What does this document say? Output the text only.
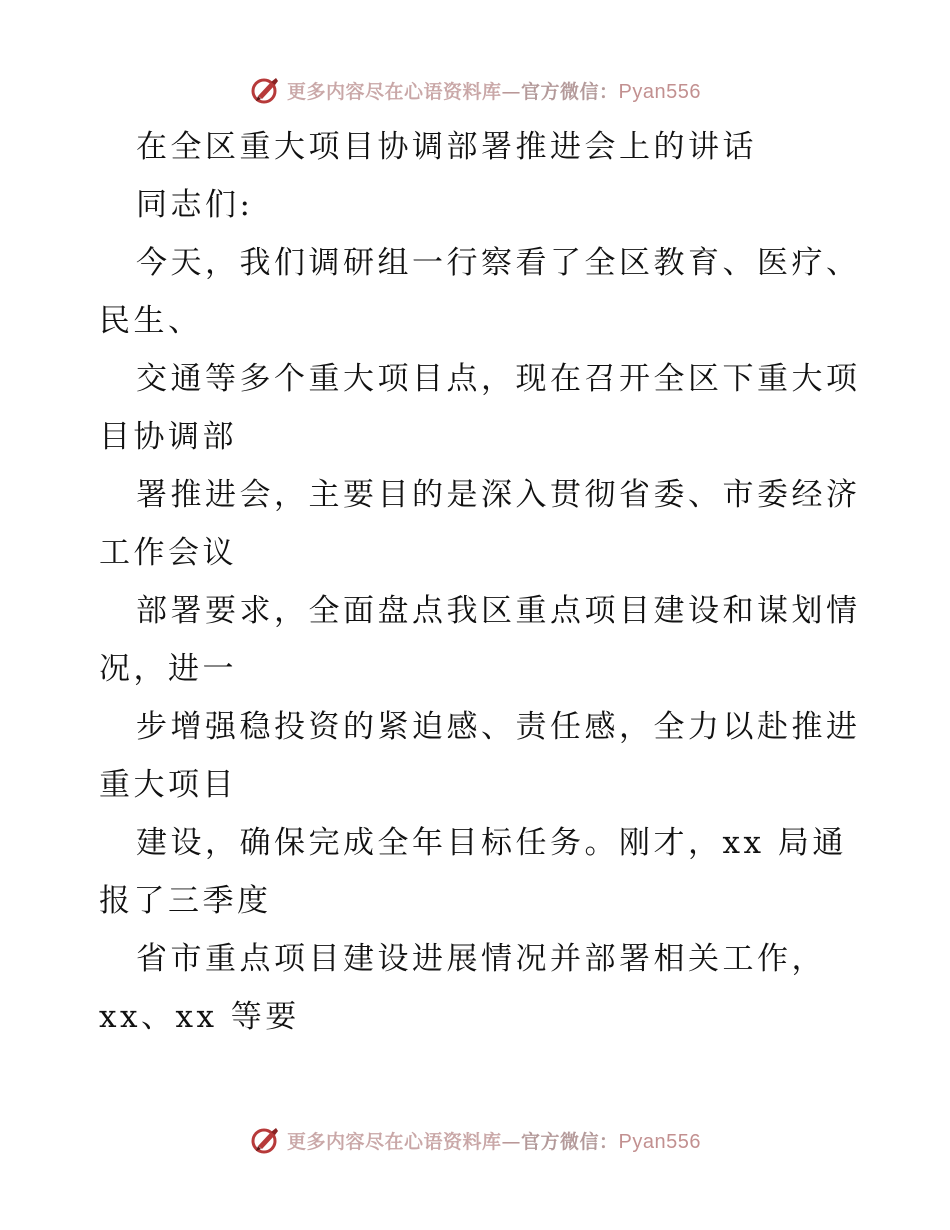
更多内容尽在心语资料库—官方微信：Pyan556
在全区重大项目协调部署推进会上的讲话
同志们:
今天，我们调研组一行察看了全区教育、医疗、
民生、
交通等多个重大项目点，现在召开全区下重大项
目协调部
署推进会，主要目的是深入贯彻省委、市委经济
工作会议
部署要求，全面盘点我区重点项目建设和谋划情
况，进一
步增强稳投资的紧迫感、责任感，全力以赴推进
重大项目
建设，确保完成全年目标任务。刚才，xx 局通
报了三季度
省市重点项目建设进展情况并部署相关工作，
xx、xx 等要
更多内容尽在心语资料库—官方微信：Pyan556
